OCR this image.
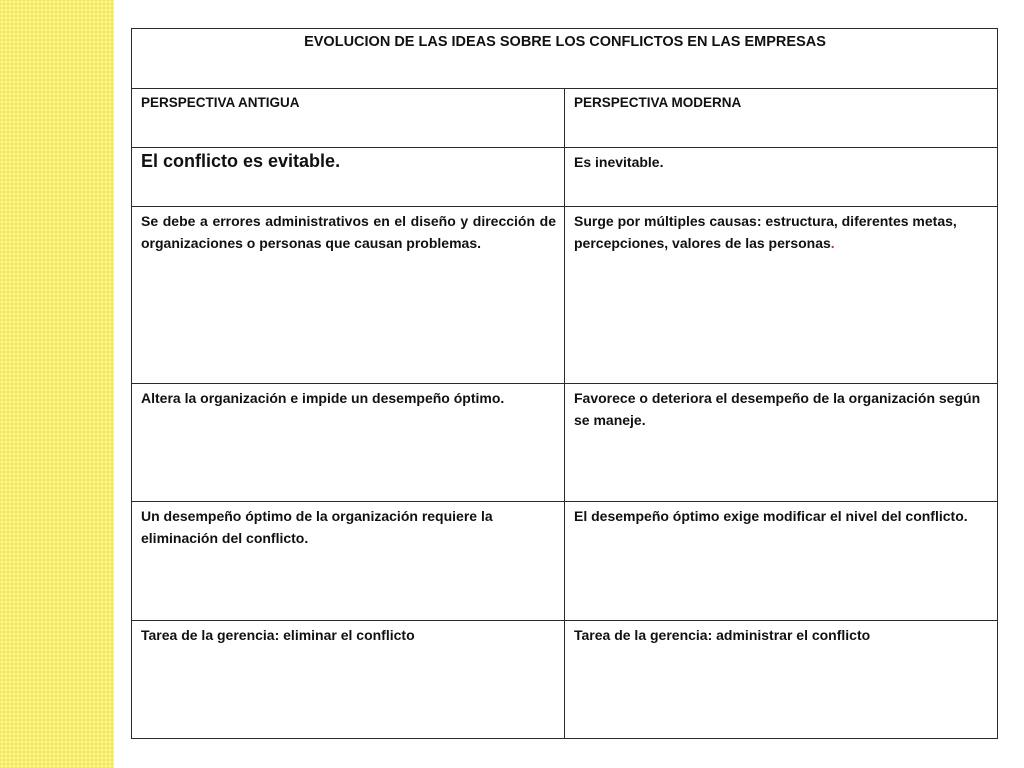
EVOLUCION DE LAS IDEAS SOBRE LOS CONFLICTOS EN LAS EMPRESAS	
PERSPECTIVA ANTIGUA	PERSPECTIVA MODERNA
El conflicto es evitable.	Es inevitable.
Se debe a errores administrativos en el diseño y dirección de organizaciones o personas que causan problemas.	Surge por múltiples causas: estructura, diferentes metas, percepciones, valores de las personas.
Altera la organización e impide un desempeño óptimo.	Favorece o deteriora el desempeño de la organización según se maneje.
Un desempeño óptimo de la organización requiere la eliminación del conflicto.	El desempeño óptimo exige modificar el nivel del conflicto.
Tarea de la gerencia: eliminar el conflicto	Tarea de la gerencia: administrar el conflicto
